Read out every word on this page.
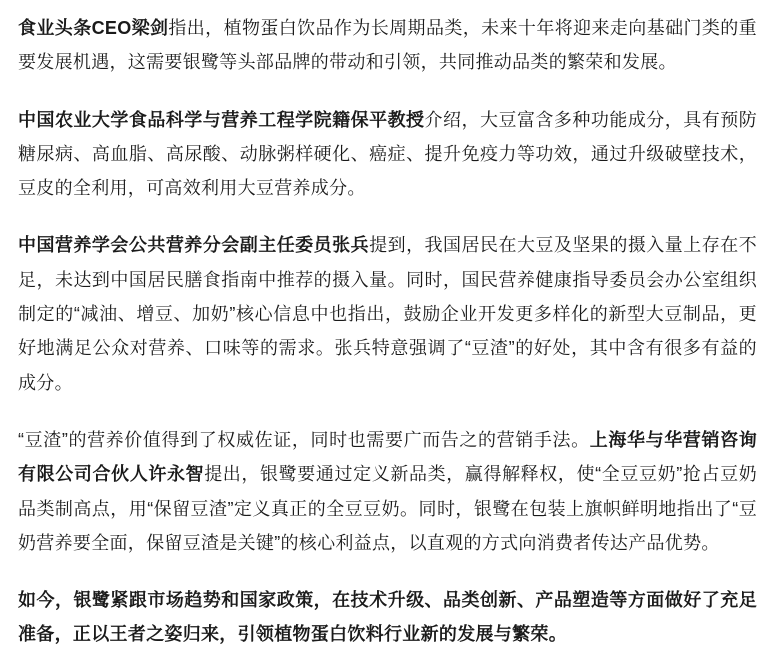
食业头条CEO梁剑指出，植物蛋白饮品作为长周期品类，未来十年将迎来走向基础门类的重要发展机遇，这需要银鹭等头部品牌的带动和引领，共同推动品类的繁荣和发展。

中国农业大学食品科学与营养工程学院籍保平教授介绍，大豆富含多种功能成分，具有预防糖尿病、高血脂、高尿酸、动脉粥样硬化、癌症、提升免疫力等功效，通过升级破壁技术，豆皮的全利用，可高效利用大豆营养成分。

中国营养学会公共营养分会副主任委员张兵提到，我国居民在大豆及坚果的摄入量上存在不足，未达到中国居民膳食指南中推荐的摄入量。同时，国民营养健康指导委员会办公室组织制定的“减油、增豆、加奶”核心信息中也指出，鼓励企业开发更多样化的新型大豆制品，更好地满足公众对营养、口味等的需求。张兵特意强调了“豆渣”的好处，其中含有很多有益的成分。

“豆渣”的营养价值得到了权威佐证，同时也需要广而告之的营销手法。上海华与华营销咨询有限公司合伙人许永智提出，银鹭要通过定义新品类，赢得解释权，使“全豆豆奶”抢占豆奶品类制高点，用“保留豆渣”定义真正的全豆豆奶。同时，银鹭在包装上旗帜鲜明地指出了“豆奶营养要全面，保留豆渣是关键”的核心利益点，以直观的方式向消费者传达产品优势。

如今，银鹭紧跟市场趋势和国家政策，在技术升级、品类创新、产品塑造等方面做好了充足准备，正以王者之姿归来，引领植物蛋白饮料行业新的发展与繁荣。
